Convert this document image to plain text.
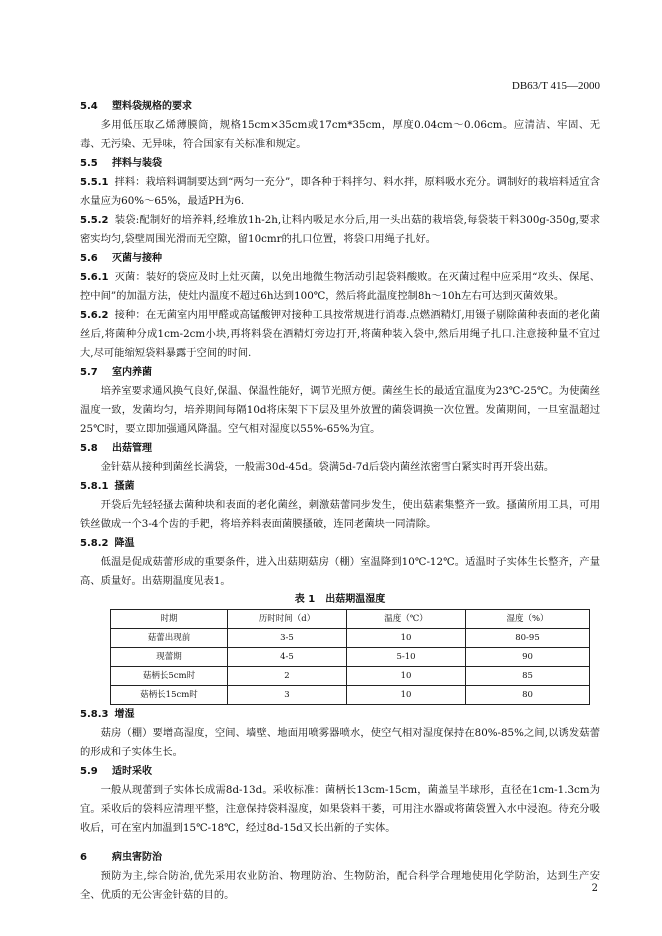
DB63/T 415—2000

5.4 塑料袋规格的要求

多用低压取乙烯薄膜筒，规格15cm×35cm或17cm*35cm，厚度0.04cm～0.06cm。应清洁、牢固、无毒、无污染、无异味，符合国家有关标准和规定。

5.5 拌料与装袋

5.5.1 拌料：栽培料调制要达到“两匀一充分”，即各种于料拌匀、料水拌，原料吸水充分。调制好的栽培料适宜含水量应为60%～65%，最适PH为6.

5.5.2 装袋:配制好的培养料,经堆放1h-2h,让料内吸足水分后,用一头出菇的栽培袋,每袋装干料300g-350g,要求密实均匀,袋壁周围光滑而无空隙，留10cmr的扎口位置，将袋口用绳子扎好。

5.6 灭菌与接种

5.6.1 灭菌：装好的袋应及时上灶灭菌，以免出地微生物活动引起袋料酸败。在灭菌过程中应采用“攻头、保尾、控中间”的加温方法，使灶内温度不超过6h达到100℃，然后将此温度控制8h～10h左右可达到灭菌效果。

5.6.2 接种：在无菌室内用甲醛或高锰酸钾对接种工具按常规进行消毒.点燃酒精灯,用镊子剔除菌种表面的老化菌丝后,将菌种分成1cm-2cm小块,再将料袋在酒精灯旁边打开,将菌种装入袋中,然后用绳子扎口.注意接种量不宜过大,尽可能缩短袋料暴露于空间的时间.

5.7 室内养菌

培养室要求通风换气良好,保温、保温性能好，调节光照方便。菌丝生长的最适宜温度为23℃-25℃。为使菌丝温度一致，发菌均匀，培养期间每隔10d将床架下下层及里外放置的菌袋调换一次位置。发菌期间，一旦室温超过25℃时，要立即加强通风降温。空气相对湿度以55%-65%为宜。

5.8 出菇管理

金针菇从接种到菌丝长满袋，一般需30d-45d。袋满5d-7d后袋内菌丝浓密雪白紧实时再开袋出菇。

5.8.1 搔菌

开袋后先轻轻搔去菌种块和表面的老化菌丝，刺激菇蕾同步发生，使出菇素集整齐一致。搔菌所用工具，可用铁丝做成一个3-4个齿的手耙，将培养料表面菌膜搔破，连同老菌块一同清除。

5.8.2 降温

低温是促成菇蕾形成的重要条件，进入出菇期菇房（棚）室温降到10℃-12℃。适温时子实体生长整齐，产量高、质量好。出菇期温度见表1。

表 1　出菇期温湿度

时期	历时时间（d）	温度（℃）	湿度（%）
菇蕾出现前	3-5	10	80-95
现蕾期	4-5	5-10	90
菇柄长5cm时	2	10	85
菇柄长15cm时	3	10	80

5.8.3 增湿

菇房（棚）要增高湿度，空间、墙壁、地面用喷雾器喷水，使空气相对湿度保持在80%-85%之间,以诱发菇蕾的形成和子实体生长。

5.9 适时采收

一般从现蕾到子实体长成需8d-13d。采收标准：菌柄长13cm-15cm，菌盖呈半球形，直径在1cm-1.3cm为宜。采收后的袋料应清理平整，注意保持袋料湿度，如果袋料干萎，可用注水器或将菌袋置入水中浸泡。待充分吸收后，可在室内加温到15℃-18℃，经过8d-15d又长出新的子实体。

6	病虫害防治

预防为主,综合防治,优先采用农业防治、物理防治、生物防治，配合科学合理地使用化学防治，达到生产安全、优质的无公害金针菇的目的。

2
